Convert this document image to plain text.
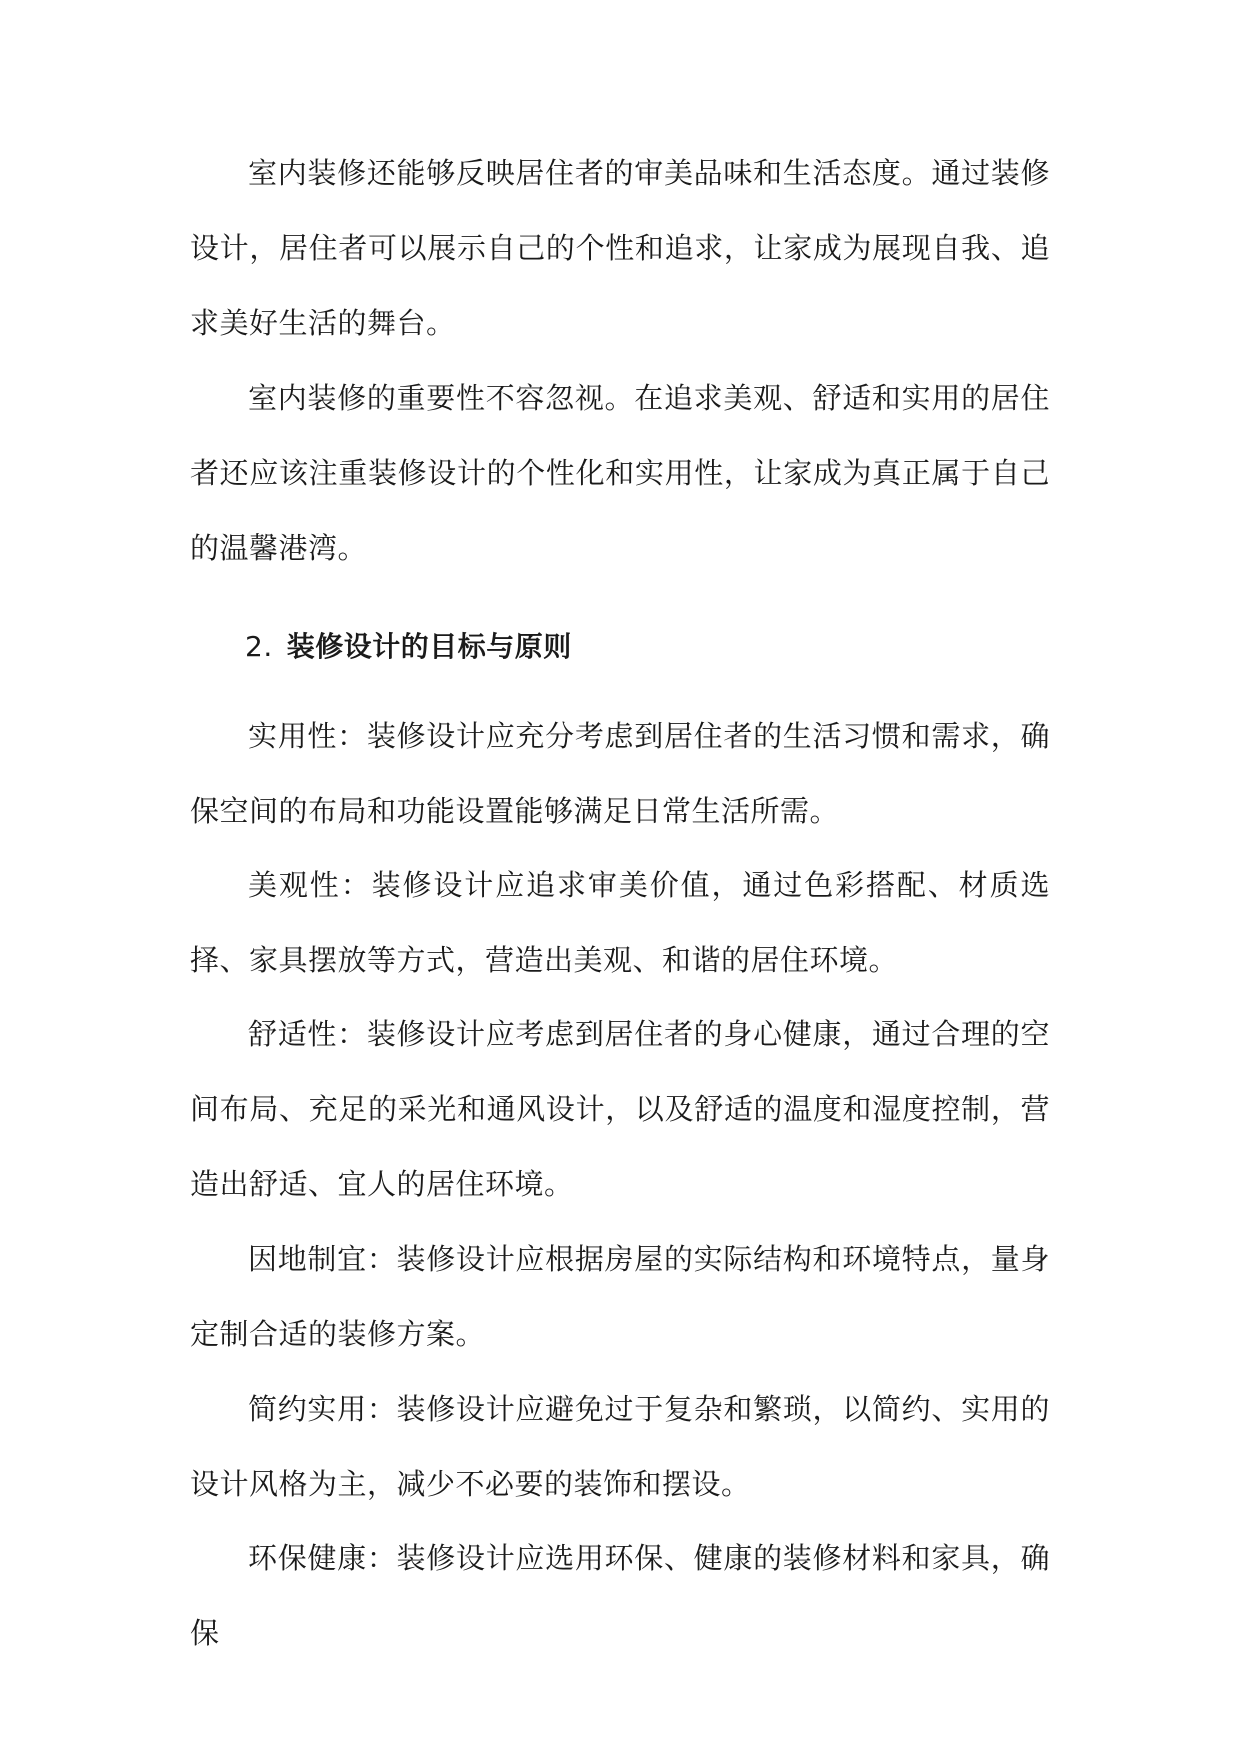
室内装修还能够反映居住者的审美品味和生活态度。通过装修设计，居住者可以展示自己的个性和追求，让家成为展现自我、追求美好生活的舞台。

室内装修的重要性不容忽视。在追求美观、舒适和实用的居住者还应该注重装修设计的个性化和实用性，让家成为真正属于自己的温馨港湾。

2. 装修设计的目标与原则

实用性：装修设计应充分考虑到居住者的生活习惯和需求，确保空间的布局和功能设置能够满足日常生活所需。

美观性：装修设计应追求审美价值，通过色彩搭配、材质选择、家具摆放等方式，营造出美观、和谐的居住环境。

舒适性：装修设计应考虑到居住者的身心健康，通过合理的空间布局、充足的采光和通风设计，以及舒适的温度和湿度控制，营造出舒适、宜人的居住环境。

因地制宜：装修设计应根据房屋的实际结构和环境特点，量身定制合适的装修方案。

简约实用：装修设计应避免过于复杂和繁琐，以简约、实用的设计风格为主，减少不必要的装饰和摆设。

环保健康：装修设计应选用环保、健康的装修材料和家具，确保
